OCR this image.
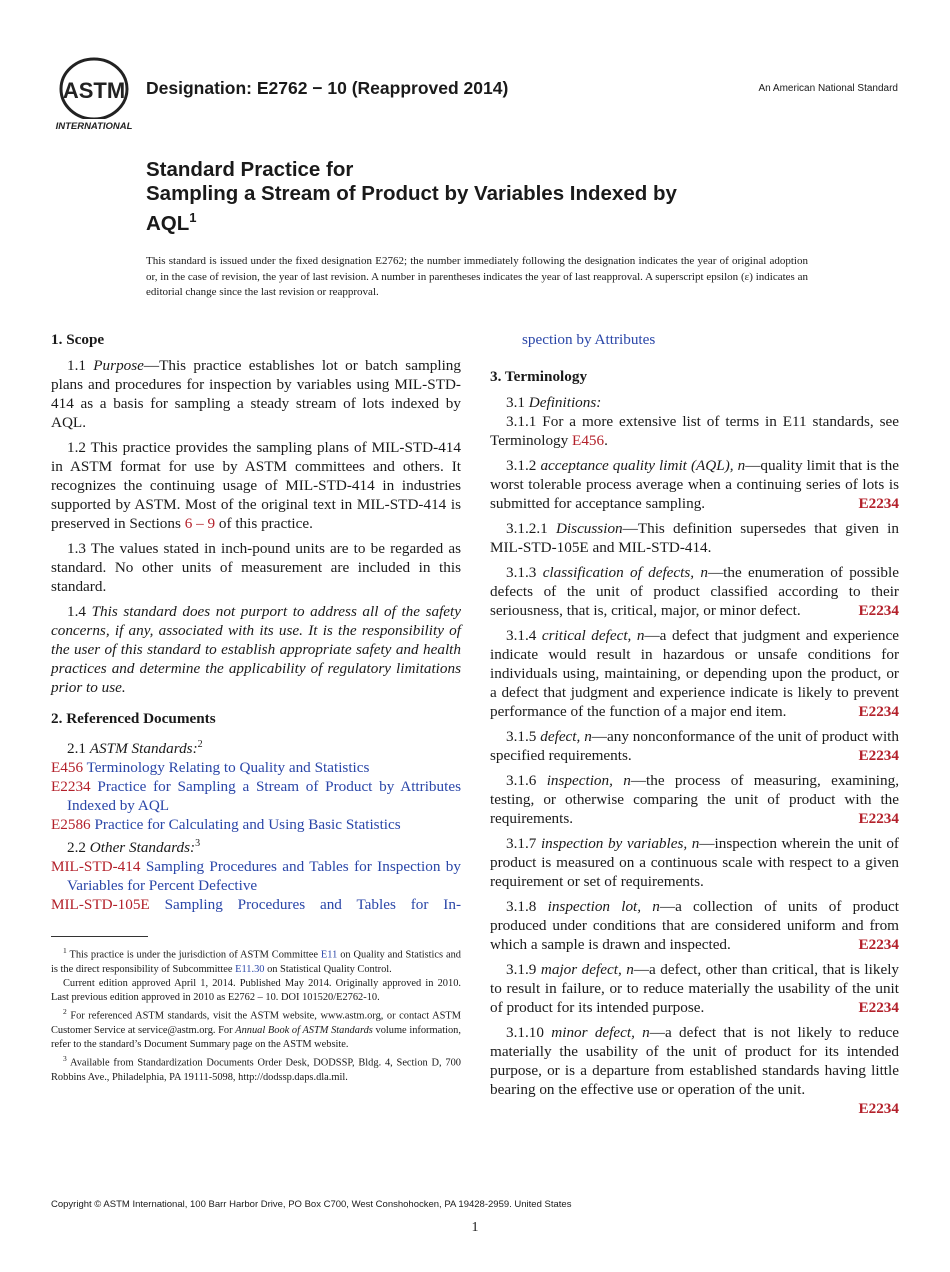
ASTM
INTERNATIONAL
Designation: E2762 − 10 (Reapproved 2014)	An American National Standard
Standard Practice for
Sampling a Stream of Product by Variables Indexed by
AQL$^1$
This standard is issued under the fixed designation E2762; the number immediately following the designation indicates the year of original adoption or, in the case of revision, the year of last revision. A number in parentheses indicates the year of last reapproval. A superscript epsilon (ε) indicates an editorial change since the last revision or reapproval.
1. Scope

1.1 Purpose—This practice establishes lot or batch sampling plans and procedures for inspection by variables using MIL-STD-414 as a basis for sampling a steady stream of lots indexed by AQL.

1.2 This practice provides the sampling plans of MIL-STD-414 in ASTM format for use by ASTM committees and others. It recognizes the continuing usage of MIL-STD-414 in industries supported by ASTM. Most of the original text in MIL-STD-414 is preserved in Sections 6 – 9 of this practice.

1.3 The values stated in inch-pound units are to be regarded as standard. No other units of measurement are included in this standard.

1.4 This standard does not purport to address all of the safety concerns, if any, associated with its use. It is the responsibility of the user of this standard to establish appropriate safety and health practices and determine the applicability of regulatory limitations prior to use.

2. Referenced Documents
2.1 ASTM Standards:$^2$
E456 Terminology Relating to Quality and Statistics
E2234 Practice for Sampling a Stream of Product by Attributes Indexed by AQL
E2586 Practice for Calculating and Using Basic Statistics
2.2 Other Standards:$^3$
MIL-STD-414 Sampling Procedures and Tables for Inspection by Variables for Percent Defective
MIL-STD-105E Sampling Procedures and Tables for In-

$^1$ This practice is under the jurisdiction of ASTM Committee E11 on Quality and Statistics and is the direct responsibility of Subcommittee E11.30 on Statistical Quality Control.

Current edition approved April 1, 2014. Published May 2014. Originally approved in 2010. Last previous edition approved in 2010 as E2762 – 10. DOI 101520/E2762-10.

$^2$ For referenced ASTM standards, visit the ASTM website, www.astm.org, or contact ASTM Customer Service at service@astm.org. For Annual Book of ASTM Standards volume information, refer to the standard’s Document Summary page on the ASTM website.

$^3$ Available from Standardization Documents Order Desk, DODSSP, Bldg. 4, Section D, 700 Robbins Ave., Philadelphia, PA 19111-5098, http://dodssp.daps.dla.mil.

spection by Attributes
3. Terminology

3.1 Definitions:

3.1.1 For a more extensive list of terms in E11 standards, see Terminology E456.

3.1.2 acceptance quality limit (AQL), n—quality limit that is the worst tolerable process average when a continuing series of lots is submitted for acceptance sampling.	E2234

3.1.2.1 Discussion—This definition supersedes that given in MIL-STD-105E and MIL-STD-414.

3.1.3 classification of defects, n—the enumeration of possible defects of the unit of product classified according to their seriousness, that is, critical, major, or minor defect.	E2234

3.1.4 critical defect, n—a defect that judgment and experience indicate would result in hazardous or unsafe conditions for individuals using, maintaining, or depending upon the product, or a defect that judgment and experience indicate is likely to prevent performance of the function of a major end item.	E2234

3.1.5 defect, n—any nonconformance of the unit of product with specified requirements.	E2234

3.1.6 inspection, n—the process of measuring, examining, testing, or otherwise comparing the unit of product with the requirements.	E2234

3.1.7 inspection by variables, n—inspection wherein the unit of product is measured on a continuous scale with respect to a given requirement or set of requirements.

3.1.8 inspection lot, n—a collection of units of product produced under conditions that are considered uniform and from which a sample is drawn and inspected.	E2234

3.1.9 major defect, n—a defect, other than critical, that is likely to result in failure, or to reduce materially the usability of the unit of product for its intended purpose.	E2234

3.1.10 minor defect, n—a defect that is not likely to reduce materially the usability of the unit of product for its intended purpose, or is a departure from established standards having little bearing on the effective use or operation of the unit.
E2234

Copyright © ASTM International, 100 Barr Harbor Drive, PO Box C700, West Conshohocken, PA 19428-2959. United States
1
